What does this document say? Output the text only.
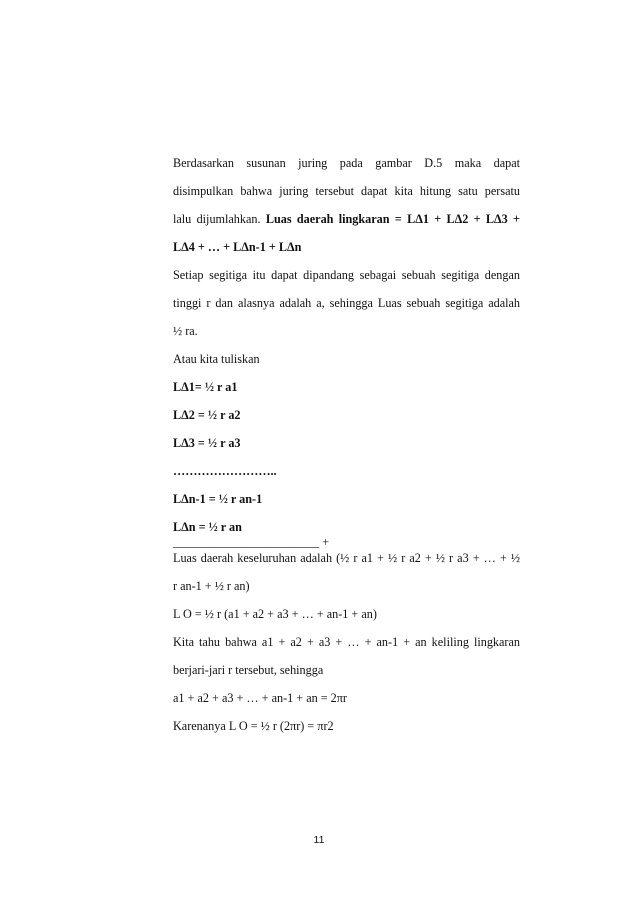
Berdasarkan susunan juring pada gambar D.5 maka dapat
disimpulkan bahwa juring tersebut dapat kita hitung satu persatu
lalu dijumlahkan. Luas daerah lingkaran = LΔ1 + LΔ2 + LΔ3 +
LΔ4 + … + LΔn-1 + LΔn
Setiap segitiga itu dapat dipandang sebagai sebuah segitiga dengan
tinggi r dan alasnya adalah a, sehingga Luas sebuah segitiga adalah
½ ra.
Atau kita tuliskan
LΔ1= ½ r a1
LΔ2 = ½ r a2
LΔ3 = ½ r a3
……………………..
LΔn-1 = ½ r an-1
LΔn = ½ r an
________________________ +
Luas daerah keseluruhan adalah (½ r a1 + ½ r a2 + ½ r a3 + … + ½
r an-1 + ½ r an)
L O = ½ r (a1 + a2 + a3 + … + an-1 + an)
Kita tahu bahwa a1 + a2 + a3 + … + an-1 + an keliling lingkaran
berjari-jari r tersebut, sehingga
a1 + a2 + a3 + … + an-1 + an = 2πr
Karenanya L O = ½ r (2πr) = πr2
11
